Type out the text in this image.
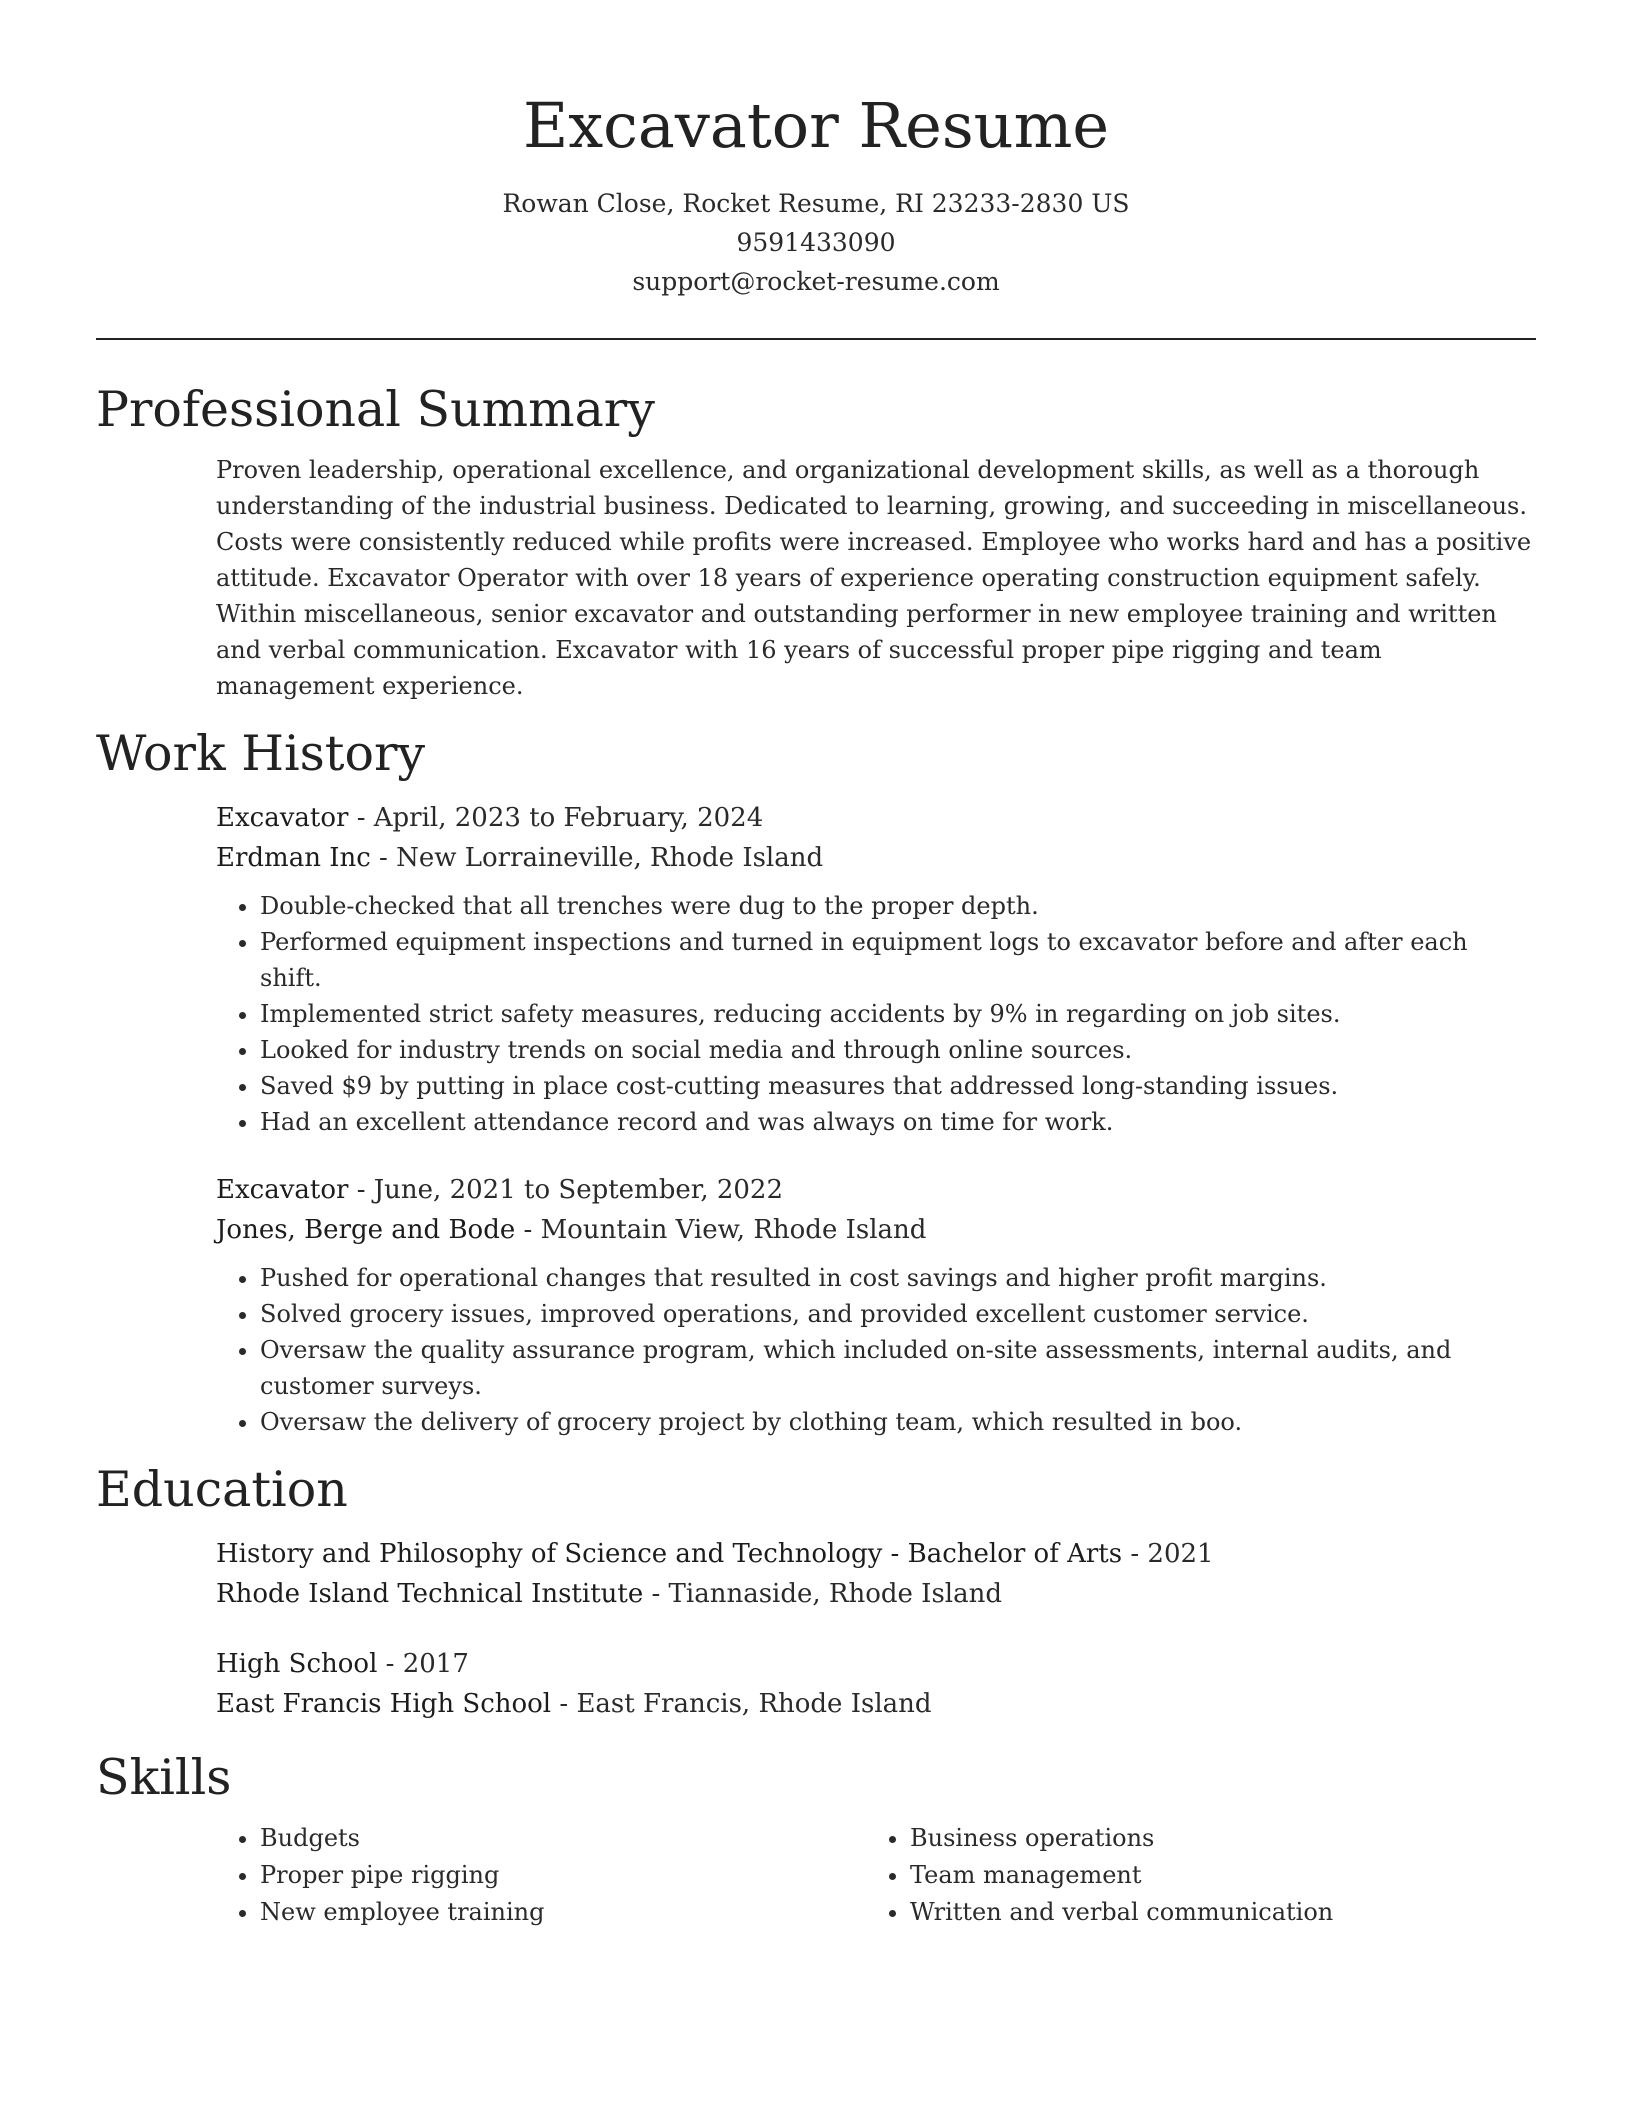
Excavator Resume
Rowan Close, Rocket Resume, RI 23233-2830 US
9591433090
support@rocket-resume.com
Professional Summary

Proven leadership, operational excellence, and organizational development skills, as well as a thorough understanding of the industrial business. Dedicated to learning, growing, and succeeding in miscellaneous. Costs were consistently reduced while profits were increased. Employee who works hard and has a positive attitude. Excavator Operator with over 18 years of experience operating construction equipment safely. Within miscellaneous, senior excavator and outstanding performer in new employee training and written and verbal communication. Excavator with 16 years of successful proper pipe rigging and team management experience.

Work History
Excavator - April, 2023 to February, 2024
Erdman Inc - New Lorraineville, Rhode Island
• Double-checked that all trenches were dug to the proper depth.
• Performed equipment inspections and turned in equipment logs to excavator before and after each shift.
• Implemented strict safety measures, reducing accidents by 9% in regarding on job sites.
• Looked for industry trends on social media and through online sources.
• Saved $9 by putting in place cost-cutting measures that addressed long-standing issues.
• Had an excellent attendance record and was always on time for work.
Excavator - June, 2021 to September, 2022
Jones, Berge and Bode - Mountain View, Rhode Island
• Pushed for operational changes that resulted in cost savings and higher profit margins.
• Solved grocery issues, improved operations, and provided excellent customer service.
• Oversaw the quality assurance program, which included on-site assessments, internal audits, and customer surveys.
• Oversaw the delivery of grocery project by clothing team, which resulted in boo.
Education
History and Philosophy of Science and Technology - Bachelor of Arts - 2021
Rhode Island Technical Institute - Tiannaside, Rhode Island
High School - 2017
East Francis High School - East Francis, Rhode Island
Skills
• Budgets
• Proper pipe rigging
• New employee training
• Business operations
• Team management
• Written and verbal communication
